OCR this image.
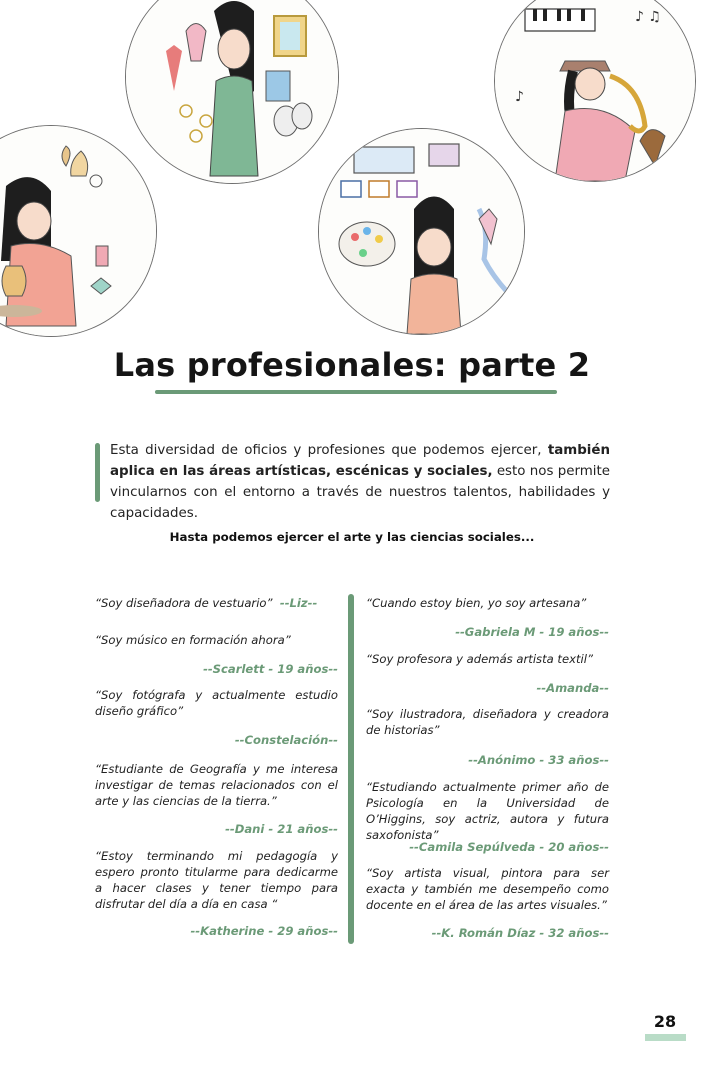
♪ ♫
♪
Las profesionales: parte 2

Esta diversidad de oficios y profesiones que podemos ejercer, también aplica en las áreas artísticas, escénicas y sociales, esto nos permite vincularnos con el entorno a través de nuestros talentos, habilidades y capacidades.

Hasta podemos ejercer el arte y las ciencias sociales...

“Soy diseñadora de vestuario” --Liz--

“Soy músico en formación ahora”

--Scarlett - 19 años--

“Soy fotógrafa y actualmente estudio diseño gráfico”

--Constelación--

“Estudiante de Geografía y me interesa investigar de temas relacionados con el arte y las ciencias de la tierra.”

--Dani - 21 años--

“Estoy terminando mi pedagogía y espero pronto titularme para dedicarme a hacer clases y tener tiempo para disfrutar del día a día en casa “

--Katherine - 29 años--

“Cuando estoy bien, yo soy artesana”

--Gabriela M - 19 años--

“Soy profesora y además artista textil”

--Amanda--

“Soy ilustradora, diseñadora y creadora de historias”

--Anónimo - 33 años--

“Estudiando actualmente primer año de Psicología en la Universidad de O’Higgins, soy actriz, autora y futura saxofonista”

--Camila Sepúlveda - 20 años--

“Soy artista visual, pintora para ser exacta y también me desempeño como docente en el área de las artes visuales.”

--K. Román Díaz - 32 años--

28
